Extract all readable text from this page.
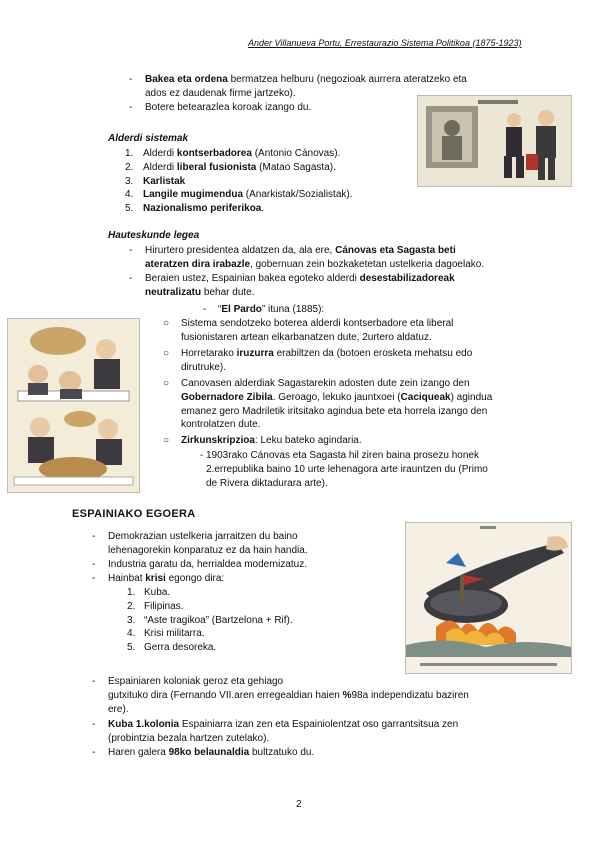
Ander Villanueva Portu, Errestaurazio Sistema Politikoa (1875-1923)
- Bakea eta ordena bermatzea helburu (negozioak aurrera ateratzeko eta
ados ez daudenak firme jartzeko).
- Botere betearazlea koroak izango du.
Alderdi sistemak
1. Alderdi kontserbadorea (Antonio Cánovas).
2. Alderdi liberal fusionista (Matao Sagasta).
3. Karlistak
4. Langile mugimendua (Anarkistak/Sozialistak).
5. Nazionalismo periferikoa.
Hauteskunde legea
- Hirurtero presidentea aldatzen da, ala ere, Cánovas eta Sagasta beti
ateratzen dira irabazle, gobernuan zein bozkaketetan ustelkeria dagoelako.
- Beraien ustez, Espainian bakea egoteko alderdi desestabilizadoreak
neutralizatu behar dute.
- “El Pardo” ituna (1885):
○ Sistema sendotzeko boterea alderdi kontserbadore eta liberal
fusionistaren artean elkarbanatzen dute, 2urtero aldatuz.
○ Horretarako iruzurra erabiltzen da (botoen erosketa mehatsu edo
dirutruke).
○ Canovasen alderdiak Sagastarekin adosten dute zein izango den
Gobernadore Zibila. Geroago, lekuko jauntxoei (Caciqueak) agindua
emanez gero Madriletik iritsitako agindua bete eta horrela izango den
kontrolatzen dute.
○ Zirkunskripzioa: Leku bateko agindaria.
- 1903rako Cánovas eta Sagasta hil ziren baina prosezu honek
2.errepublika baino 10 urte lehenagora arte irauntzen du (Primo
de Rivera diktadurara arte).
ESPAINIAKO EGOERA
- Demokrazian ustelkeria jarraitzen du baino
lehenagorekin konparatuz ez da hain handia.
- Industria garatu da, herrialdea modernizatuz.
- Hainbat krisi egongo dira:
1. Kuba.
2. Filipinas.
3. “Aste tragikoa” (Bartzelona + Rif).
4. Krisi militarra.
5. Gerra desoreka.
- Espainiaren koloniak geroz eta gehiago
gutxituko dira (Fernando VII.aren erregealdian haien %98a independizatu baziren
ere).
- Kuba 1.kolonia Espainiarra izan zen eta Espainiolentzat oso garrantsitsua zen
(probintzia bezala hartzen zutelako).
- Haren galera 98ko belaunaldia bultzatuko du.
2
